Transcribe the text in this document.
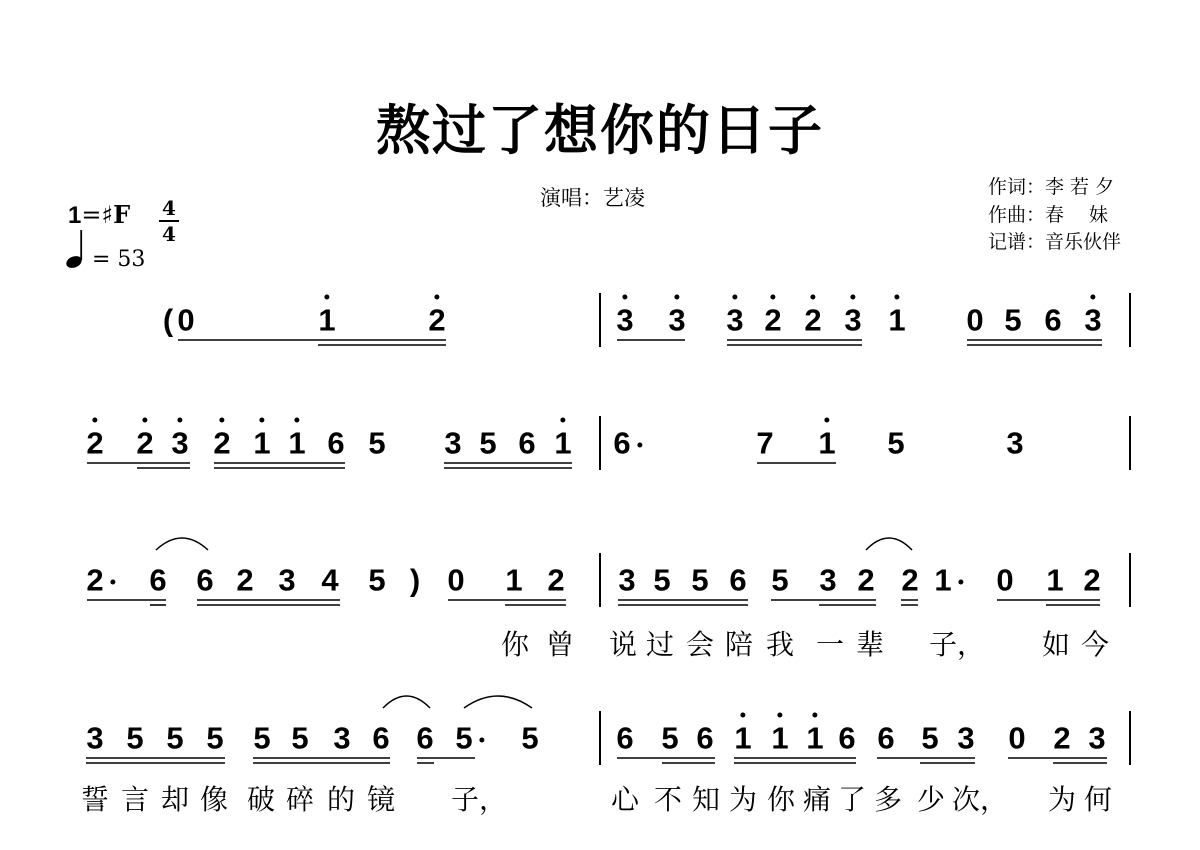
熬过了想你的日子
演唱：艺凌	作词：李 若 夕
作曲：春　 妹
记谱：音乐伙伴
1=♯F 4
4
= 53
( 0	1	2	3 3 3 2 2 3 1 0 5 6 3
2 2 3 2 1 1 6 5 3 5 6 1 6	7 1 5	3
2 6 6 2 3 4 5 ) 0 1 2 3 5 5 6 5 3 2 2 1 0 1 2
你 曾 说 过 会 陪 我 一 辈 子， 如 今
3 5 5 5 5 5 3 6 6 5 5	6 5 6 1 1 1 6 6 5 3 0 2 3
誓 言 却 像 破 碎 的 镜 子，	心 不 知 为 你 痛 了 多 少 次， 为 何
